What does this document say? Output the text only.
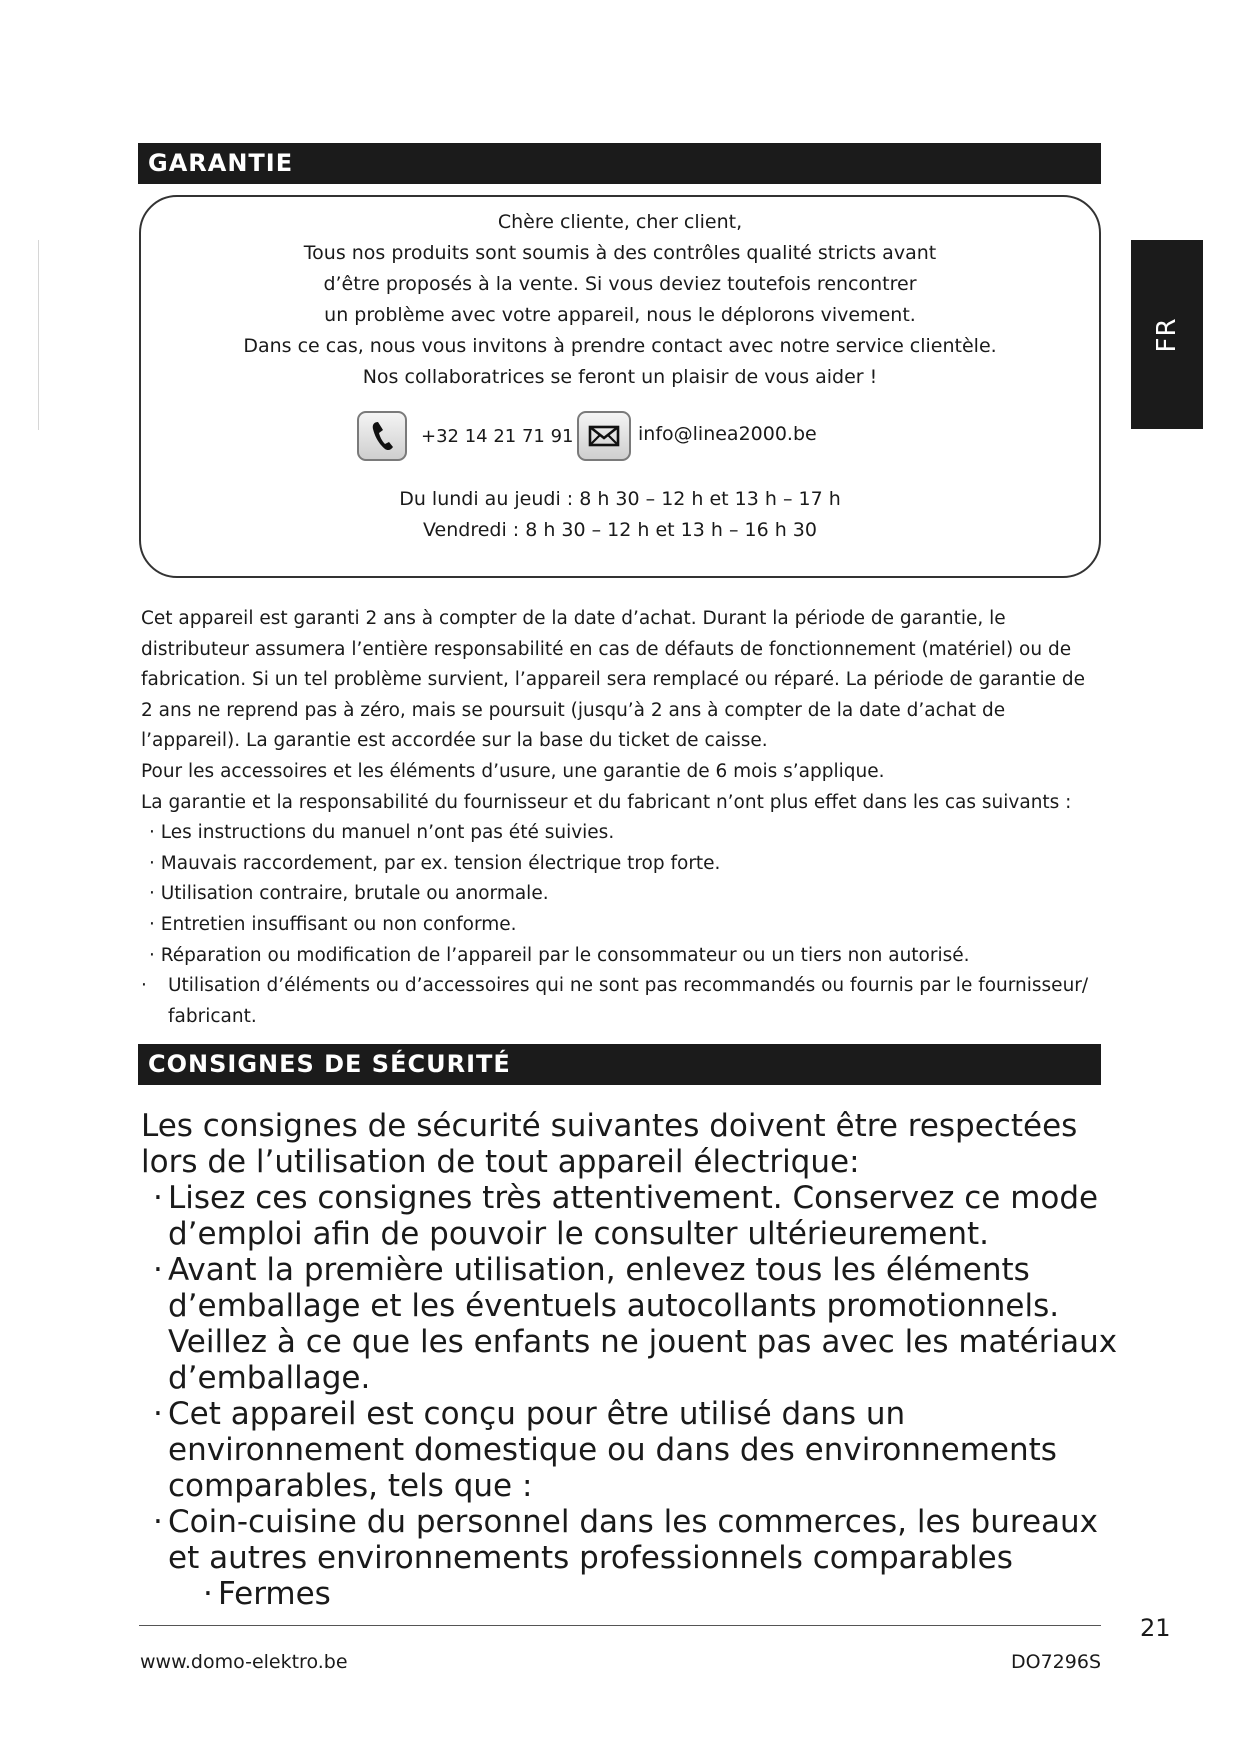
GARANTIE
FR
Chère cliente, cher client,
Tous nos produits sont soumis à des contrôles qualité stricts avant
d’être proposés à la vente. Si vous deviez toutefois rencontrer
un problème avec votre appareil, nous le déplorons vivement.
Dans ce cas, nous vous invitons à prendre contact avec notre service clientèle.
Nos collaboratrices se feront un plaisir de vous aider !
+32 14 21 71 91	info@linea2000.be
Du lundi au jeudi : 8 h 30 – 12 h et 13 h – 17 h
Vendredi : 8 h 30 – 12 h et 13 h – 16 h 30

Cet appareil est garanti 2 ans à compter de la date d’achat. Durant la période de garantie, le distributeur assumera l’entière responsabilité en cas de défauts de fonctionnement (matériel) ou de fabrication. Si un tel problème survient, l’appareil sera remplacé ou réparé. La période de garantie de 2 ans ne reprend pas à zéro, mais se poursuit (jusqu’à 2 ans à compter de la date d’achat de l’appareil). La garantie est accordée sur la base du ticket de caisse.

Pour les accessoires et les éléments d’usure, une garantie de 6 mois s’applique.

La garantie et la responsabilité du fournisseur et du fabricant n’ont plus effet dans les cas suivants :

· Les instructions du manuel n’ont pas été suivies.
· Mauvais raccordement, par ex. tension électrique trop forte.
· Utilisation contraire, brutale ou anormale.
· Entretien insuffisant ou non conforme.
· Réparation ou modification de l’appareil par le consommateur ou un tiers non autorisé.
· Utilisation d’éléments ou d’accessoires qui ne sont pas recommandés ou fournis par le fournisseur/ fabricant.
CONSIGNES DE SÉCURITÉ

Les consignes de sécurité suivantes doivent être respectées lors de l’utilisation de tout appareil électrique:

· Lisez ces consignes très attentivement. Conservez ce mode d’emploi afin de pouvoir le consulter ultérieurement.
· Avant la première utilisation, enlevez tous les éléments d’emballage et les éventuels autocollants promotionnels. Veillez à ce que les enfants ne jouent pas avec les matériaux d’emballage.
· Cet appareil est conçu pour être utilisé dans un environnement domestique ou dans des environnements comparables, tels que :
· Coin-cuisine du personnel dans les commerces, les bureaux et autres environnements professionnels comparables
· Fermes
21
www.domo-elektro.be	DO7296S
